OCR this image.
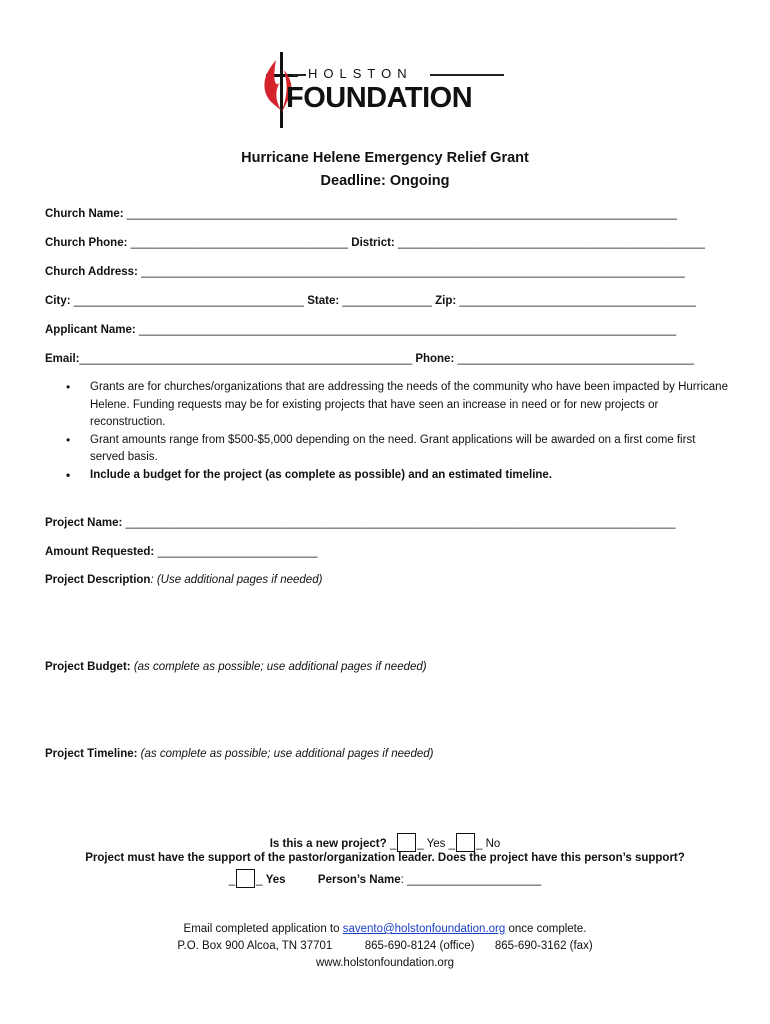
HOLSTON
FOUNDATION
Hurricane Helene Emergency Relief Grant
Deadline: Ongoing
Church Name: ______________________________________________________________________________________
Church Phone: __________________________________ District: ________________________________________________
Church Address: _____________________________________________________________________________________
City: ____________________________________ State: ______________ Zip: _____________________________________
Applicant Name: ____________________________________________________________________________________
Email:____________________________________________________ Phone: _____________________________________
• Grants are for churches/organizations that are addressing the needs of the community who have been impacted by Hurricane Helene. Funding requests may be for existing projects that have seen an increase in need or for new projects or reconstruction.
• Grant amounts range from $500-$5,000 depending on the need. Grant applications will be awarded on a first come first served basis.
• Include a budget for the project (as complete as possible) and an estimated timeline.
Project Name: ______________________________________________________________________________________
Amount Requested: _________________________
Project Description: (Use additional pages if needed)
Project Budget: (as complete as possible; use additional pages if needed)
Project Timeline: (as complete as possible; use additional pages if needed)
Is this a new project? _ _ Yes _ _ No
Project must have the support of the pastor/organization leader. Does the project have this person’s support?
_ _ Yes	Person’s Name: _____________________
Email completed application to savento@holstonfoundation.org once complete.
P.O. Box 900 Alcoa, TN 37701	865-690-8124 (office) 865-690-3162 (fax)
www.holstonfoundation.org
